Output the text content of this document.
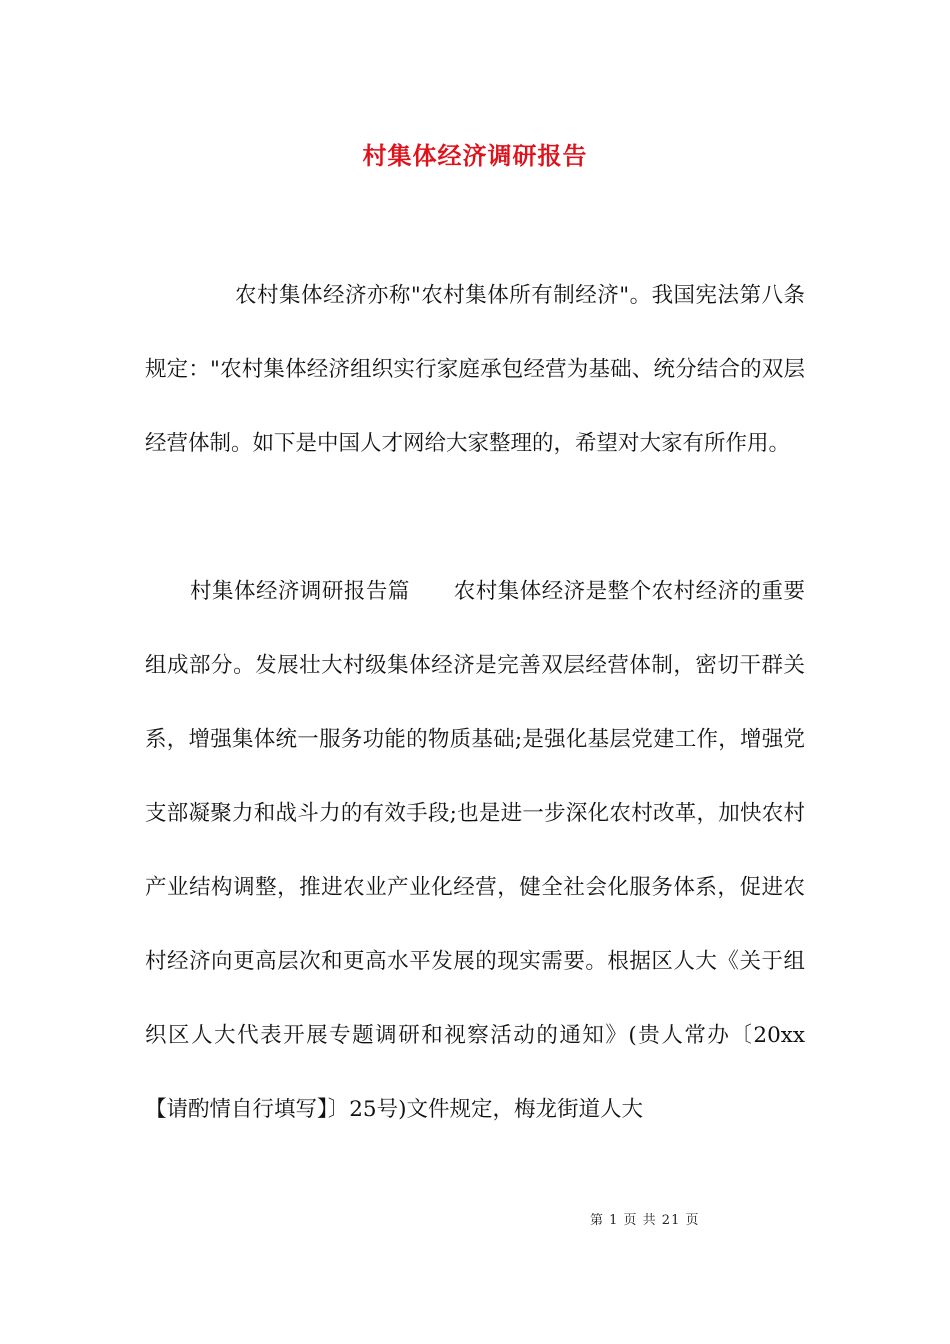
村集体经济调研报告

农村集体经济亦称"农村集体所有制经济"。我国宪法第八条规定："农村集体经济组织实行家庭承包经营为基础、统分结合的双层经营体制。如下是中国人才网给大家整理的，希望对大家有所作用。

村集体经济调研报告篇　　农村集体经济是整个农村经济的重要组成部分。发展壮大村级集体经济是完善双层经营体制，密切干群关系，增强集体统一服务功能的物质基础;是强化基层党建工作，增强党支部凝聚力和战斗力的有效手段;也是进一步深化农村改革，加快农村产业结构调整，推进农业产业化经营，健全社会化服务体系，促进农村经济向更高层次和更高水平发展的现实需要。根据区人大《关于组织区人大代表开展专题调研和视察活动的通知》(贵人常办〔20xx【请酌情自行填写】〕25号)文件规定，梅龙街道人大

第 1 页 共 21 页
